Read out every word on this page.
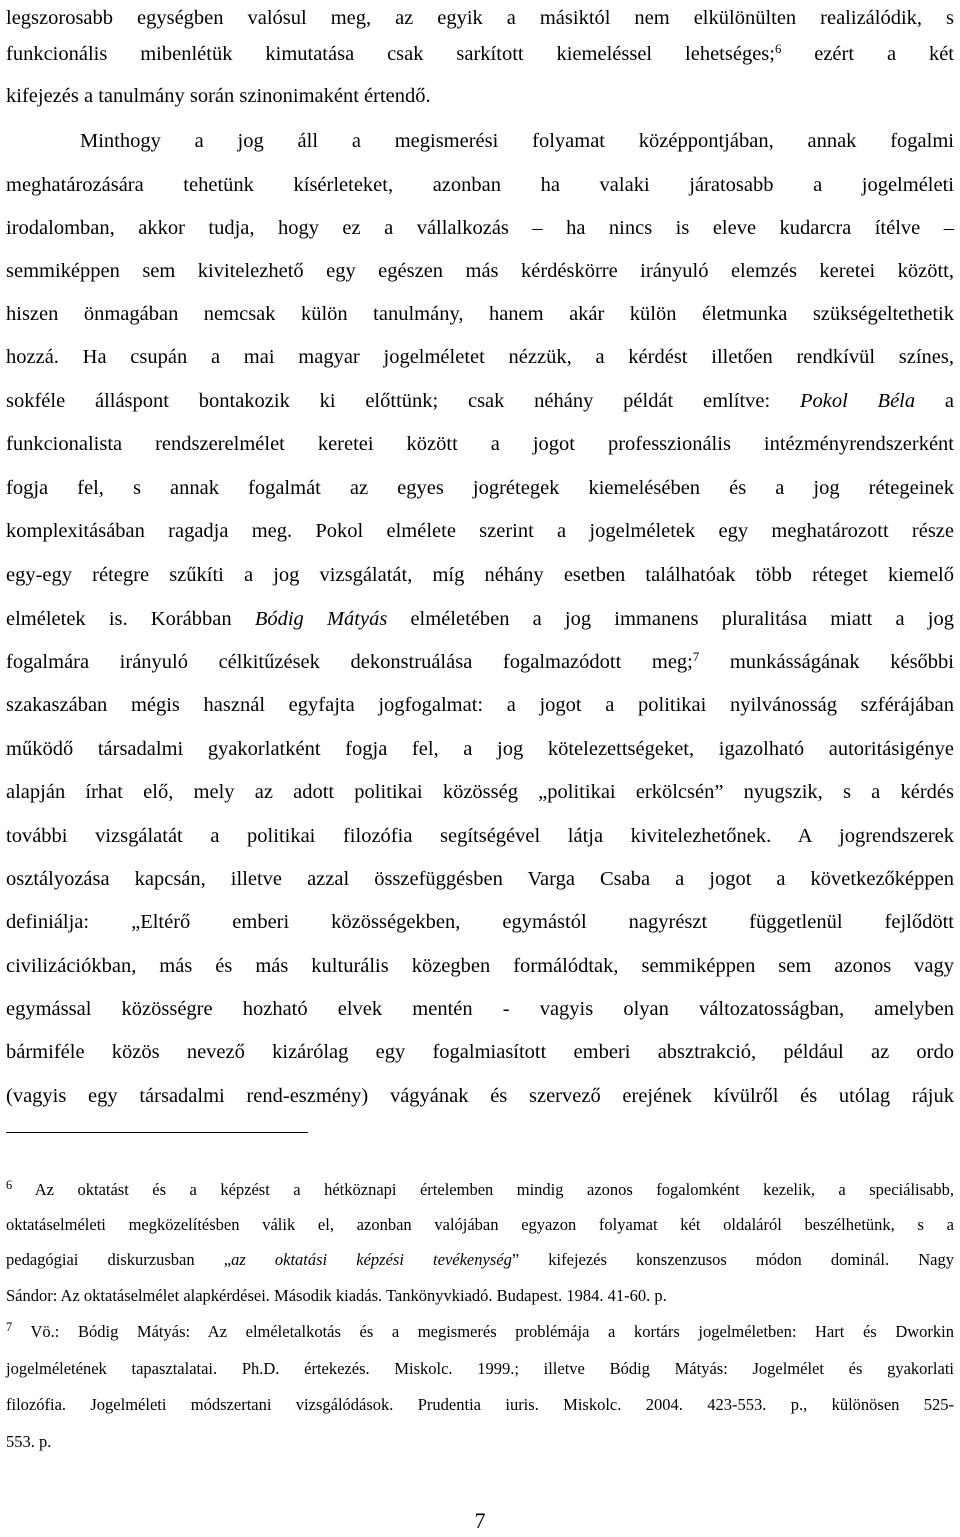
legszorosabb egységben valósul meg, az egyik a másiktól nem elkülönülten realizálódik, s
funkcionális mibenlétük kimutatása csak sarkított kiemeléssel lehetséges;$^6$ ezért a két
kifejezés a tanulmány során szinonimaként értendő.
Minthogy a jog áll a megismerési folyamat középpontjában, annak fogalmi
meghatározására tehetünk kísérleteket, azonban ha valaki járatosabb a jogelméleti
irodalomban, akkor tudja, hogy ez a vállalkozás – ha nincs is eleve kudarcra ítélve –
semmiképpen sem kivitelezhető egy egészen más kérdéskörre irányuló elemzés keretei között,
hiszen önmagában nemcsak külön tanulmány, hanem akár külön életmunka szükségeltethetik
hozzá. Ha csupán a mai magyar jogelméletet nézzük, a kérdést illetően rendkívül színes,
sokféle álláspont bontakozik ki előttünk; csak néhány példát említve: Pokol Béla a
funkcionalista rendszerelmélet keretei között a jogot professzionális intézményrendszerként
fogja fel, s annak fogalmát az egyes jogrétegek kiemelésében és a jog rétegeinek
komplexitásában ragadja meg. Pokol elmélete szerint a jogelméletek egy meghatározott része
egy-egy rétegre szűkíti a jog vizsgálatát, míg néhány esetben találhatóak több réteget kiemelő
elméletek is. Korábban Bódig Mátyás elméletében a jog immanens pluralitása miatt a jog
fogalmára irányuló célkitűzések dekonstruálása fogalmazódott meg;$^7$ munkásságának későbbi
szakaszában mégis használ egyfajta jogfogalmat: a jogot a politikai nyilvánosság szférájában
működő társadalmi gyakorlatként fogja fel, a jog kötelezettségeket, igazolható autoritásigénye
alapján írhat elő, mely az adott politikai közösség „politikai erkölcsén” nyugszik, s a kérdés
további vizsgálatát a politikai filozófia segítségével látja kivitelezhetőnek. A jogrendszerek
osztályozása kapcsán, illetve azzal összefüggésben Varga Csaba a jogot a következőképpen
definiálja: „Eltérő emberi közösségekben, egymástól nagyrészt függetlenül fejlődött
civilizációkban, más és más kulturális közegben formálódtak, semmiképpen sem azonos vagy
egymással közösségre hozható elvek mentén - vagyis olyan változatosságban, amelyben
bármiféle közös nevező kizárólag egy fogalmiasított emberi absztrakció, például az ordo
(vagyis egy társadalmi rend-eszmény) vágyának és szervező erejének kívülről és utólag rájuk
$^6$ Az oktatást és a képzést a hétköznapi értelemben mindig azonos fogalomként kezelik, a speciálisabb,
oktatáselméleti megközelítésben válik el, azonban valójában egyazon folyamat két oldaláról beszélhetünk, s a
pedagógiai diskurzusban „az oktatási képzési tevékenység” kifejezés konszenzusos módon dominál. Nagy
Sándor: Az oktatáselmélet alapkérdései. Második kiadás. Tankönyvkiadó. Budapest. 1984. 41-60. p.
$^7$ Vö.: Bódig Mátyás: Az elméletalkotás és a megismerés problémája a kortárs jogelméletben: Hart és Dworkin
jogelméletének tapasztalatai. Ph.D. értekezés. Miskolc. 1999.; illetve Bódig Mátyás: Jogelmélet és gyakorlati
filozófia. Jogelméleti módszertani vizsgálódások. Prudentia iuris. Miskolc. 2004. 423-553. p., különösen 525-
553. p.
7
